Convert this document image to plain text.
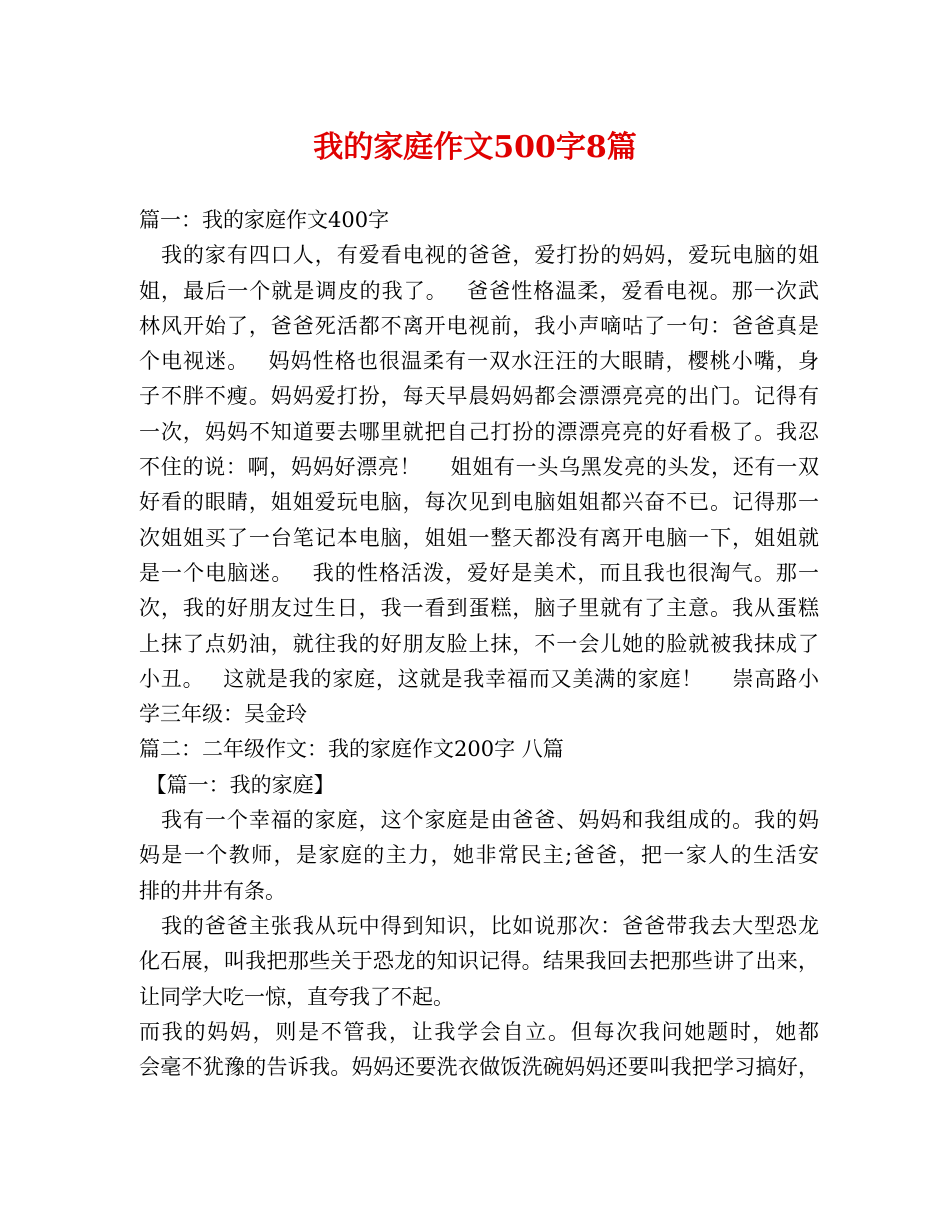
我的家庭作文500字8篇
篇一：我的家庭作文400字
　我的家有四口人，有爱看电视的爸爸，爱打扮的妈妈，爱玩电脑的姐
姐，最后一个就是调皮的我了。　 爸爸性格温柔，爱看电视。那一次武
林风开始了，爸爸死活都不离开电视前，我小声嘀咕了一句：爸爸真是
个电视迷。　 妈妈性格也很温柔有一双水汪汪的大眼睛，樱桃小嘴，身
子不胖不瘦。妈妈爱打扮，每天早晨妈妈都会漂漂亮亮的出门。记得有
一次，妈妈不知道要去哪里就把自己打扮的漂漂亮亮的好看极了。我忍
不住的说：啊，妈妈好漂亮！　 姐姐有一头乌黑发亮的头发，还有一双
好看的眼睛，姐姐爱玩电脑，每次见到电脑姐姐都兴奋不已。记得那一
次姐姐买了一台笔记本电脑，姐姐一整天都没有离开电脑一下，姐姐就
是一个电脑迷。　 我的性格活泼，爱好是美术，而且我也很淘气。那一
次，我的好朋友过生日，我一看到蛋糕，脑子里就有了主意。我从蛋糕
上抹了点奶油，就往我的好朋友脸上抹，不一会儿她的脸就被我抹成了
小丑。　 这就是我的家庭，这就是我幸福而又美满的家庭！　 崇高路小
学三年级：吴金玲
篇二：二年级作文：我的家庭作文200字 八篇
【篇一：我的家庭】
　我有一个幸福的家庭，这个家庭是由爸爸、妈妈和我组成的。我的妈
妈是一个教师，是家庭的主力，她非常民主;爸爸，把一家人的生活安
排的井井有条。
　我的爸爸主张我从玩中得到知识，比如说那次：爸爸带我去大型恐龙
化石展，叫我把那些关于恐龙的知识记得。结果我回去把那些讲了出来，
让同学大吃一惊，直夸我了不起。
而我的妈妈，则是不管我，让我学会自立。但每次我问她题时，她都
会毫不犹豫的告诉我。妈妈还要洗衣做饭洗碗妈妈还要叫我把学习搞好，
